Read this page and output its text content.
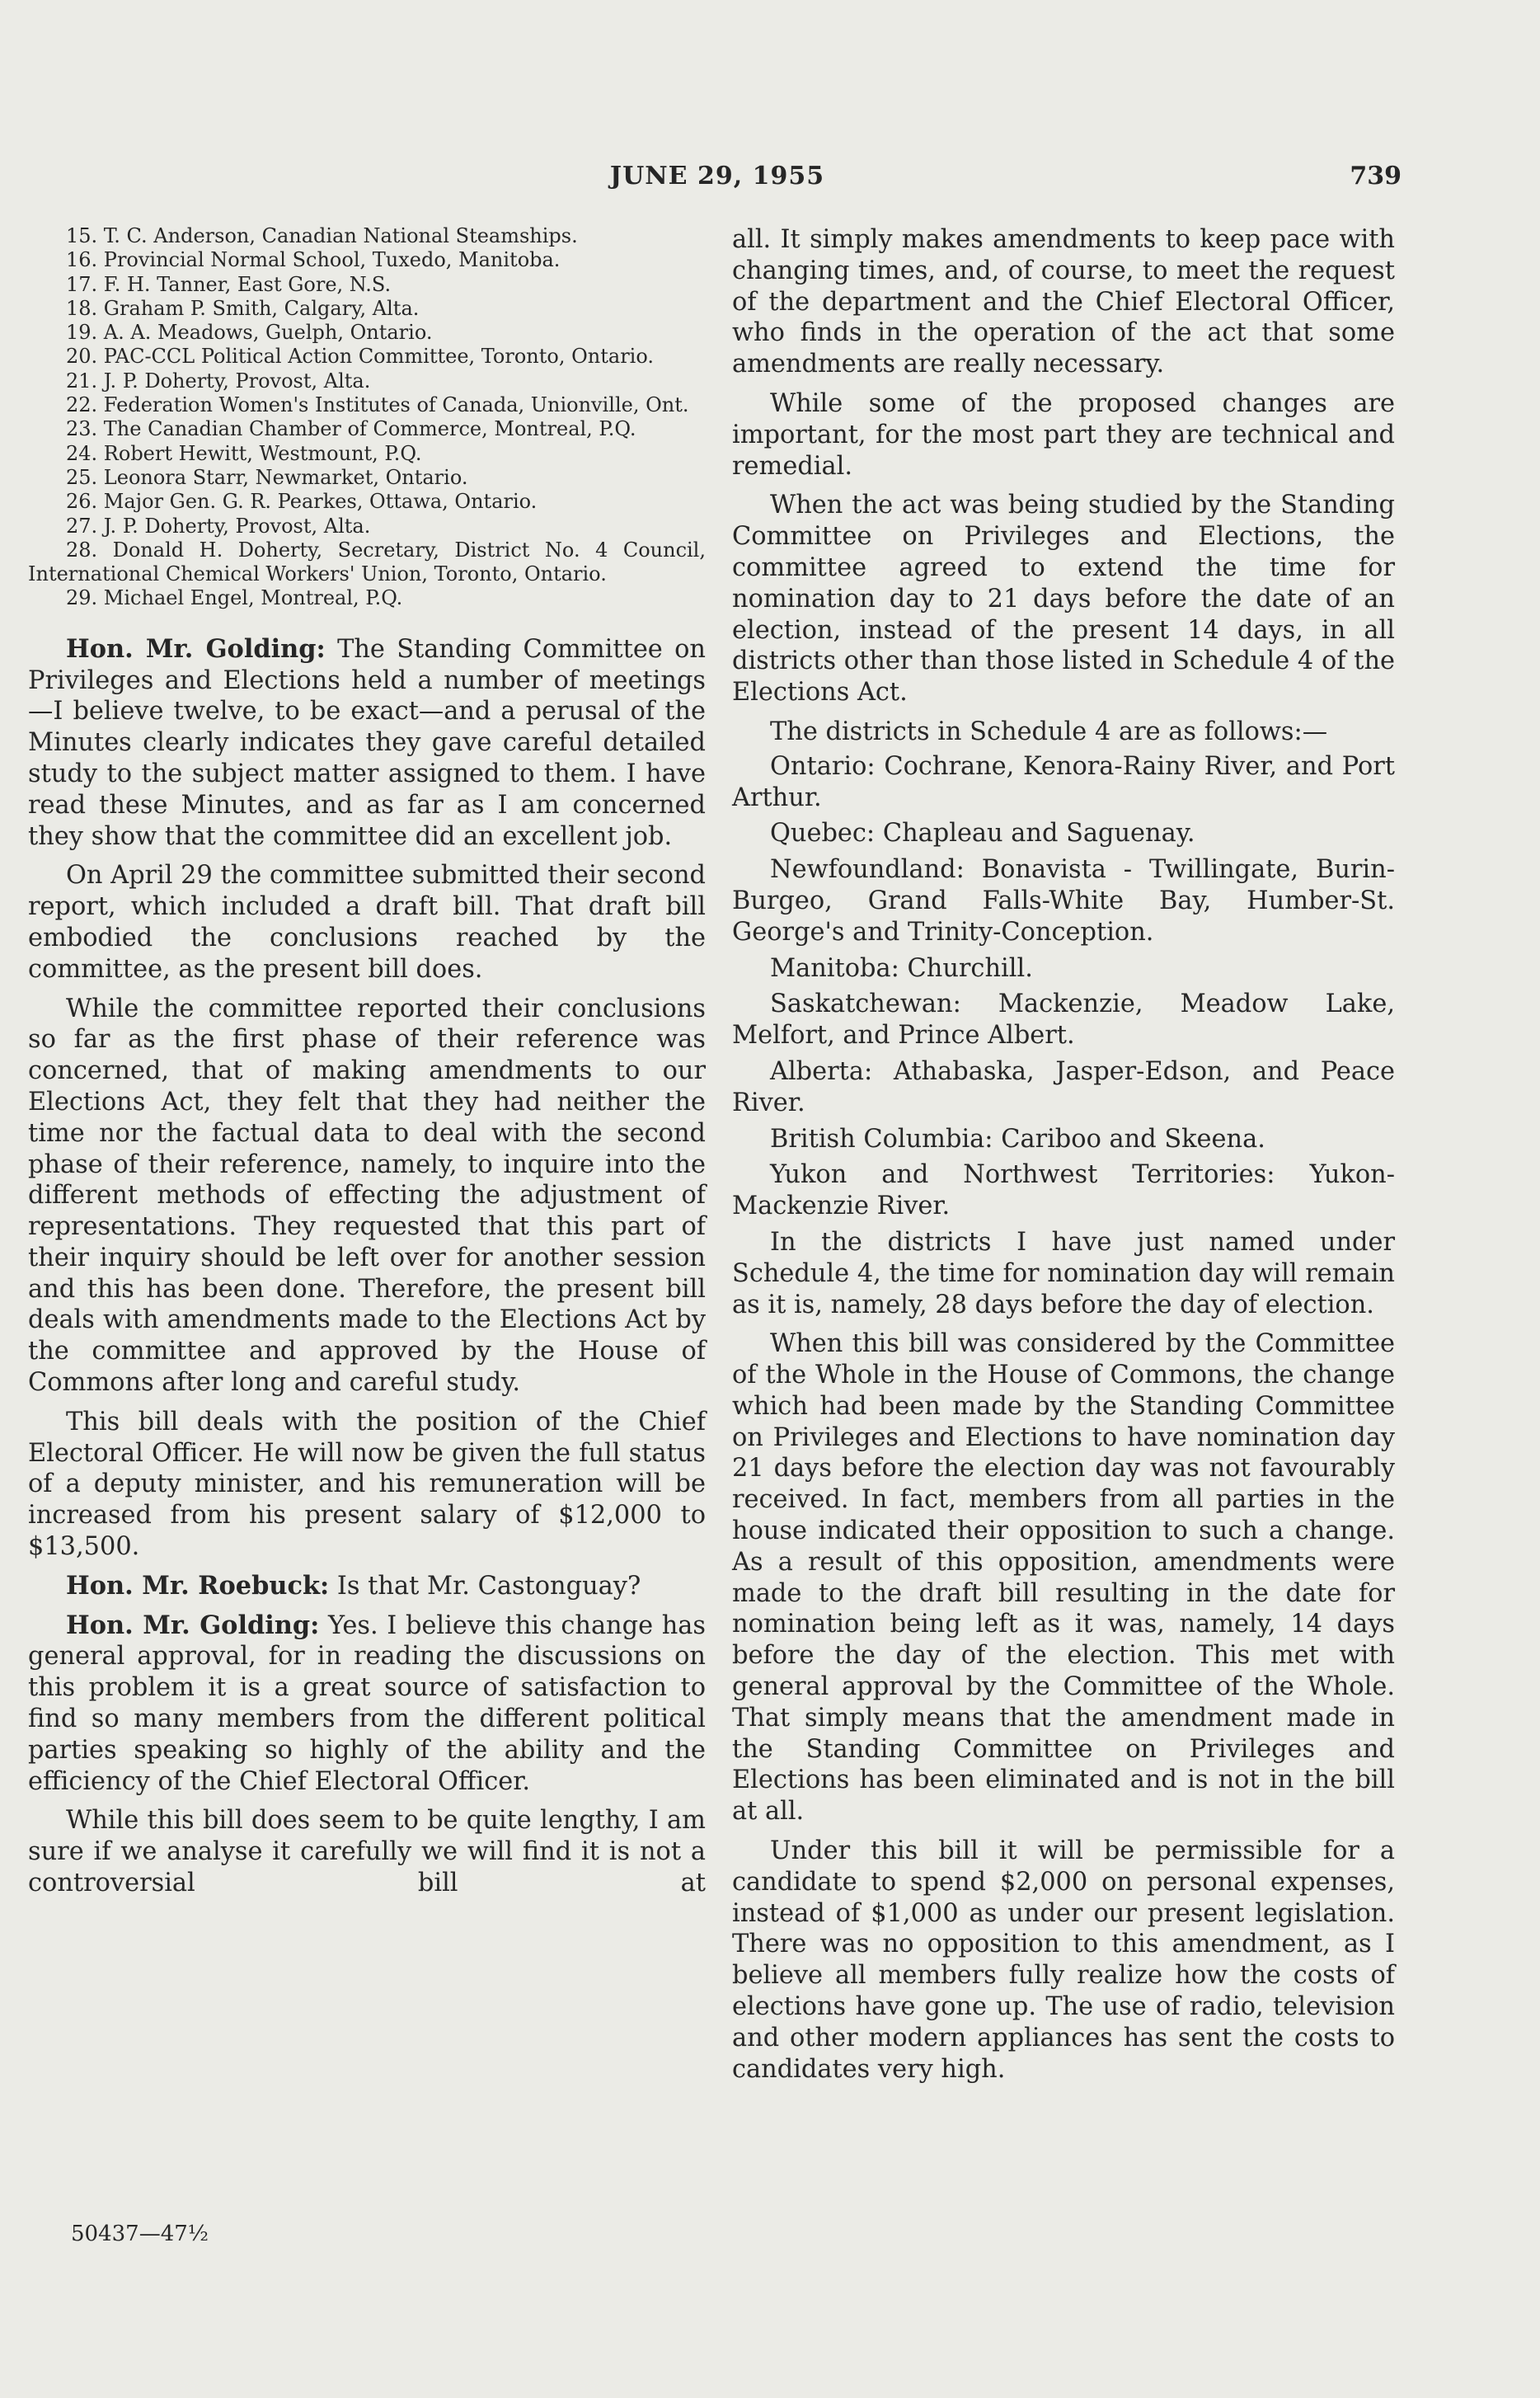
JUNE 29, 1955	739

15. T. C. Anderson, Canadian National Steamships.

16. Provincial Normal School, Tuxedo, Manitoba.

17. F. H. Tanner, East Gore, N.S.

18. Graham P. Smith, Calgary, Alta.

19. A. A. Meadows, Guelph, Ontario.

20. PAC-CCL Political Action Committee, Toronto, Ontario.

21. J. P. Doherty, Provost, Alta.

22. Federation Women's Institutes of Canada, Unionville, Ont.

23. The Canadian Chamber of Commerce, Montreal, P.Q.

24. Robert Hewitt, Westmount, P.Q.

25. Leonora Starr, Newmarket, Ontario.

26. Major Gen. G. R. Pearkes, Ottawa, Ontario.

27. J. P. Doherty, Provost, Alta.

28. Donald H. Doherty, Secretary, District No. 4 Council, International Chemical Workers' Union, Toronto, Ontario.

29. Michael Engel, Montreal, P.Q.

Hon. Mr. Golding: The Standing Committee on Privileges and Elections held a number of meetings—I believe twelve, to be exact—and a perusal of the Minutes clearly indicates they gave careful detailed study to the subject matter assigned to them. I have read these Minutes, and as far as I am concerned they show that the committee did an excellent job.

On April 29 the committee submitted their second report, which included a draft bill. That draft bill embodied the conclusions reached by the committee, as the present bill does.

While the committee reported their conclusions so far as the first phase of their reference was concerned, that of making amendments to our Elections Act, they felt that they had neither the time nor the factual data to deal with the second phase of their reference, namely, to inquire into the different methods of effecting the adjustment of representations. They requested that this part of their inquiry should be left over for another session and this has been done. Therefore, the present bill deals with amendments made to the Elections Act by the committee and approved by the House of Commons after long and careful study.

This bill deals with the position of the Chief Electoral Officer. He will now be given the full status of a deputy minister, and his remuneration will be increased from his present salary of $12,000 to $13,500.

Hon. Mr. Roebuck: Is that Mr. Castonguay?

Hon. Mr. Golding: Yes. I believe this change has general approval, for in reading the discussions on this problem it is a great source of satisfaction to find so many members from the different political parties speaking so highly of the ability and the efficiency of the Chief Electoral Officer.

While this bill does seem to be quite lengthy, I am sure if we analyse it carefully we will find it is not a controversial bill at

all. It simply makes amendments to keep pace with changing times, and, of course, to meet the request of the department and the Chief Electoral Officer, who finds in the operation of the act that some amendments are really necessary.

While some of the proposed changes are important, for the most part they are technical and remedial.

When the act was being studied by the Standing Committee on Privileges and Elections, the committee agreed to extend the time for nomination day to 21 days before the date of an election, instead of the present 14 days, in all districts other than those listed in Schedule 4 of the Elections Act.

The districts in Schedule 4 are as follows:—

Ontario: Cochrane, Kenora-Rainy River, and Port Arthur.

Quebec: Chapleau and Saguenay.

Newfoundland: Bonavista - Twillingate, Burin-Burgeo, Grand Falls-White Bay, Humber-St. George's and Trinity-Conception.

Manitoba: Churchill.

Saskatchewan: Mackenzie, Meadow Lake, Melfort, and Prince Albert.

Alberta: Athabaska, Jasper-Edson, and Peace River.

British Columbia: Cariboo and Skeena.

Yukon and Northwest Territories: Yukon-Mackenzie River.

In the districts I have just named under Schedule 4, the time for nomination day will remain as it is, namely, 28 days before the day of election.

When this bill was considered by the Committee of the Whole in the House of Commons, the change which had been made by the Standing Committee on Privileges and Elections to have nomination day 21 days before the election day was not favourably received. In fact, members from all parties in the house indicated their opposition to such a change. As a result of this opposition, amendments were made to the draft bill resulting in the date for nomination being left as it was, namely, 14 days before the day of the election. This met with general approval by the Committee of the Whole. That simply means that the amendment made in the Standing Committee on Privileges and Elections has been eliminated and is not in the bill at all.

Under this bill it will be permissible for a candidate to spend $2,000 on personal expenses, instead of $1,000 as under our present legislation. There was no opposition to this amendment, as I believe all members fully realize how the costs of elections have gone up. The use of radio, television and other modern appliances has sent the costs to candidates very high.

50437—47½
